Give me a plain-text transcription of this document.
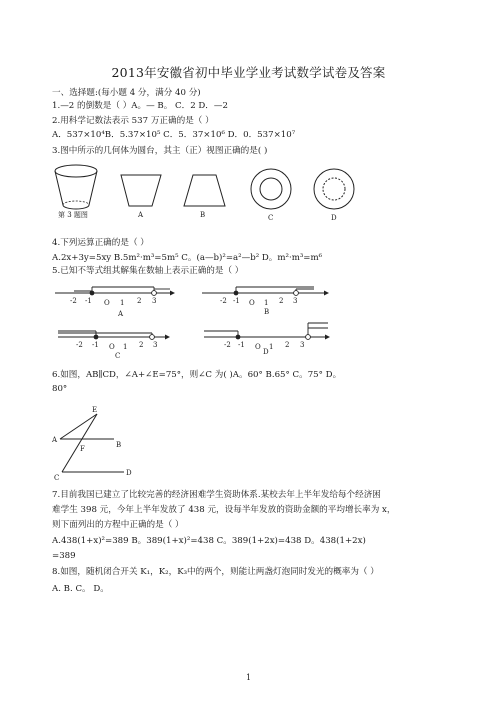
2013年安徽省初中毕业学业考试数学试卷及答案
一、选择题:(每小题 4 分，满分 40 分)
1.—2 的倒数是（ ）A。— B。 C．2 D．—2
2.用科学记数法表示 537 万正确的是（ ）
A．537×10⁴B．5.37×10⁵ C．5．37×10⁶ D．0．537×10⁷
3.图中所示的几何体为圆台，其主（正）视图正确的是( )
第 3 题图	A	B	C	D
4.下列运算正确的是（ ）
A.2x+3y=5xy B.5m²·m³=5m⁵ C。(a—b)²=a²—b² D。m²·m³=m⁶
5.已知不等式组其解集在数轴上表示正确的是（ ）
-2 -1 O 1 2 3
A
-2 -1 O 1 2 3
B
-2 -1 O 1 2 3
C
-2 -1 O 1 2 3
D
6.如图，AB∥CD，∠A+∠E=75°，则∠C 为( )A。60° B.65° C。75° D。
80°
E
A
B
F
C
D
7.目前我国已建立了比较完善的经济困难学生资助体系.某校去年上半年发给每个经济困
难学生 398 元，今年上半年发放了 438 元，设每半年发放的资助金额的平均增长率为 x，
则下面列出的方程中正确的是（ ）
A.438(1+x)²=389 B。389(1+x)²=438 C。389(1+2x)=438 D。438(1+2x)
=389
8.如图，随机闭合开关 K₁，K₂，K₃中的两个，则能让两盏灯泡同时发光的概率为（ ）
A. B. C。 D。
1
